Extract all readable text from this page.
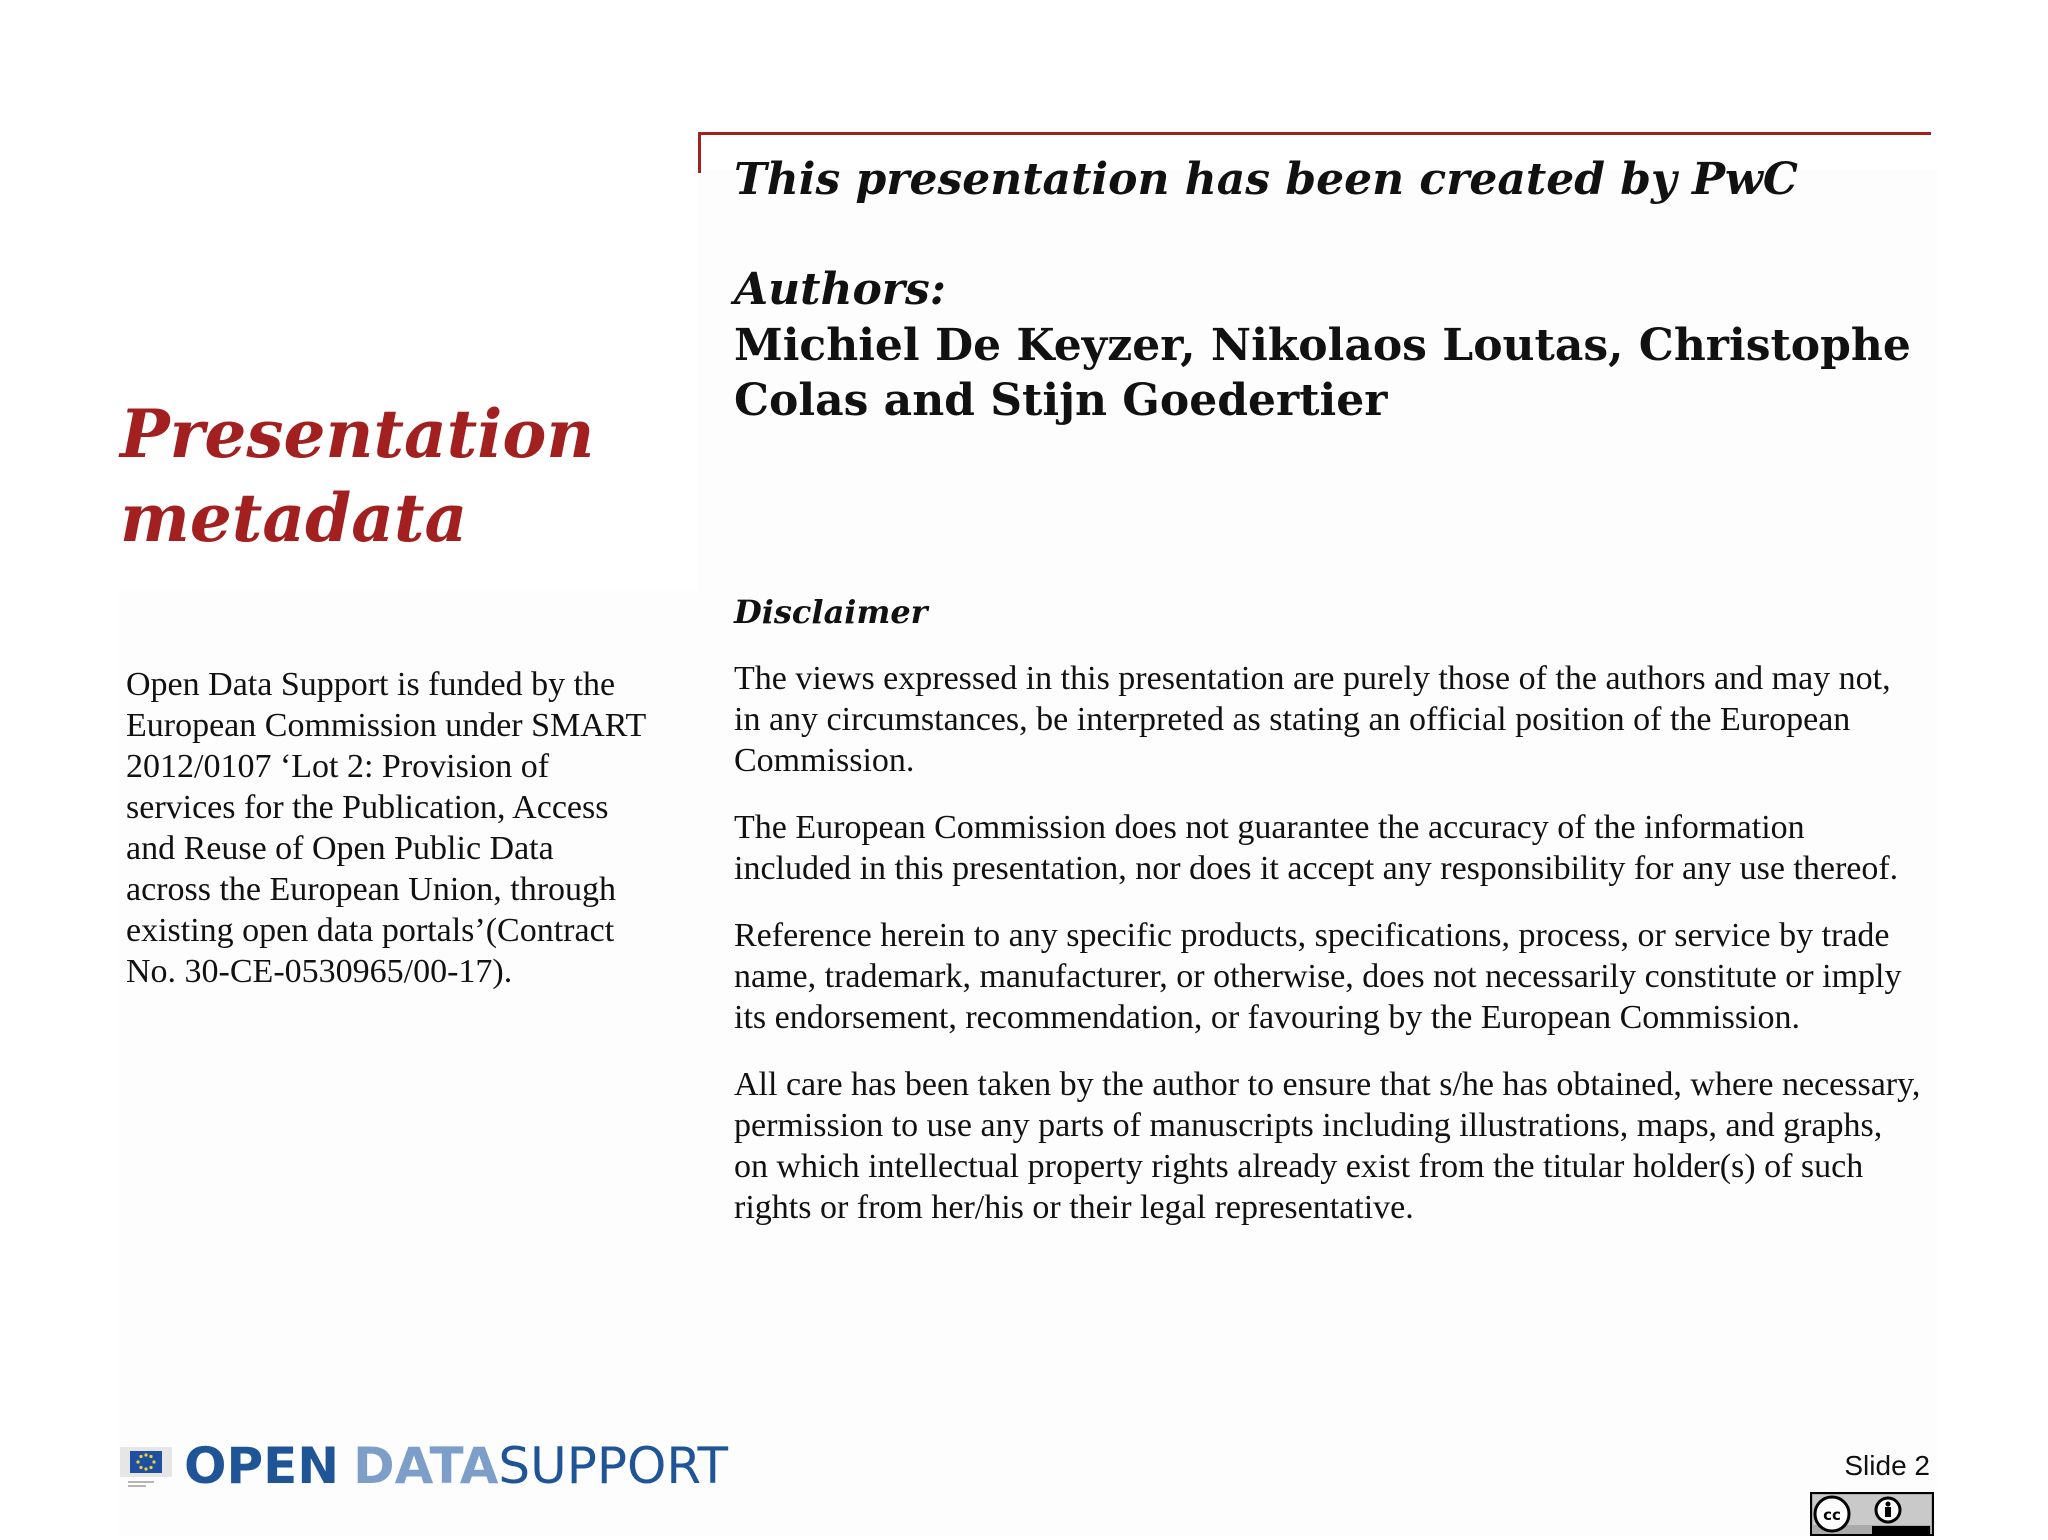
Presentation
metadata

Open Data Support is funded by the European Commission under SMART 2012/0107 ‘Lot 2: Provision of services for the Publication, Access and Reuse of Open Public Data across the European Union, through existing open data portals’(Contract No. 30-CE-0530965/00-17).

This presentation has been created by PwC

Authors:

Michiel De Keyzer, Nikolaos Loutas, Christophe Colas and Stijn Goedertier

Disclaimer

The views expressed in this presentation are purely those of the authors and may not, in any circumstances, be interpreted as stating an official position of the European Commission.

The European Commission does not guarantee the accuracy of the information included in this presentation, nor does it accept any responsibility for any use thereof.

Reference herein to any specific products, specifications, process, or service by trade name, trademark, manufacturer, or otherwise, does not necessarily constitute or imply its endorsement, recommendation, or favouring by the European Commission.

All care has been taken by the author to ensure that s/he has obtained, where necessary, permission to use any parts of manuscripts including illustrations, maps, and graphs, on which intellectual property rights already exist from the titular holder(s) of such rights or from her/his or their legal representative.

OPEN DATASUPPORT	Slide 2
cc
